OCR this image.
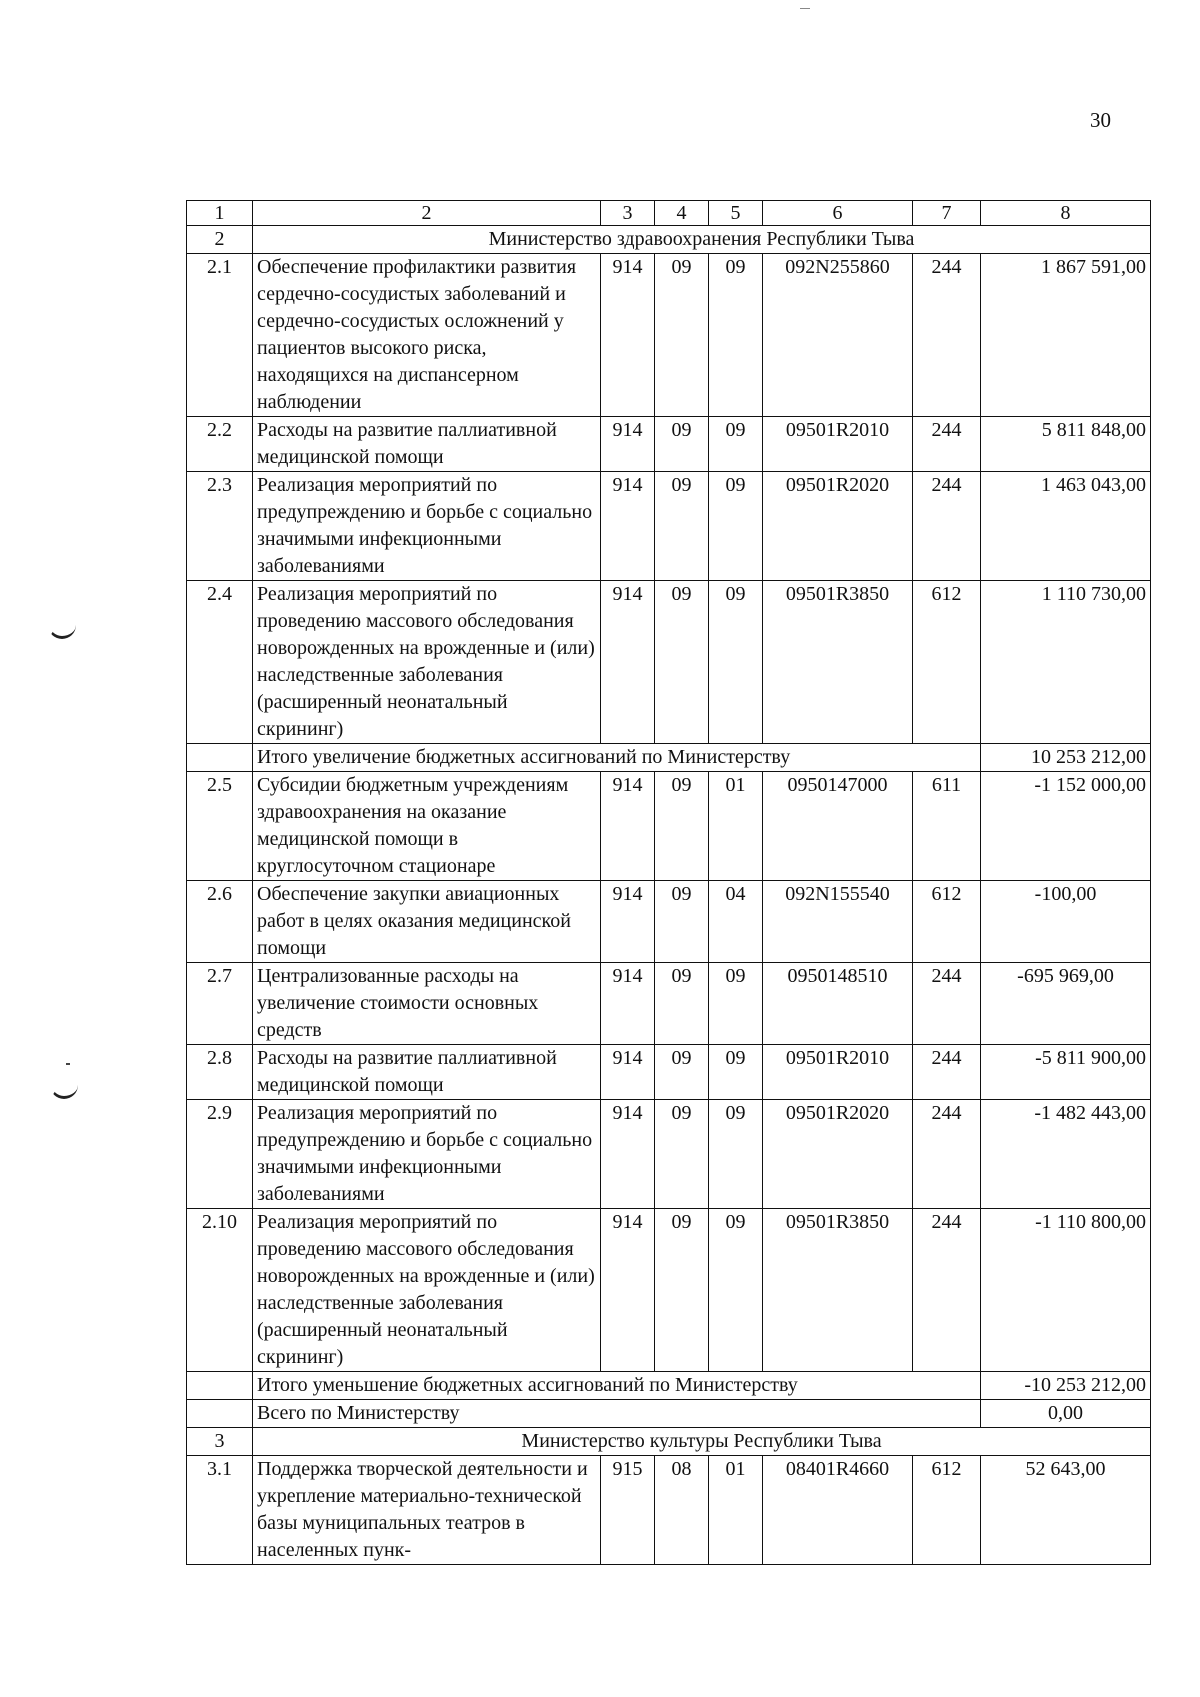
30
1	2	3	4	5	6	7	8
2	Министерство здравоохранения Республики Тыва						
2.1	Обеспечение профилактики развития сердечно-сосудистых заболеваний и сердечно-сосудистых осложнений у пациентов высокого риска, находящихся на диспансерном наблюдении	914	09	09	092N255860	244	1 867 591,00
2.2	Расходы на развитие паллиативной медицинской помощи	914	09	09	09501R2010	244	5 811 848,00
2.3	Реализация мероприятий по предупреждению и борьбе с социально значимыми инфекционными заболеваниями	914	09	09	09501R2020	244	1 463 043,00
2.4	Реализация мероприятий по проведению массового обследования новорожденных на врожденные и (или) наследственные заболевания (расширенный неонатальный скрининг)	914	09	09	09501R3850	612	1 110 730,00
	Итого увеличение бюджетных ассигнований по Министерству						10 253 212,00
2.5	Субсидии бюджетным учреждениям здравоохранения на оказание медицинской помощи в круглосуточном стационаре	914	09	01	0950147000	611	-1 152 000,00
2.6	Обеспечение закупки авиационных работ в целях оказания медицинской помощи	914	09	04	092N155540	612	-100,00
2.7	Централизованные расходы на увеличение стоимости основных средств	914	09	09	0950148510	244	-695 969,00
2.8	Расходы на развитие паллиативной медицинской помощи	914	09	09	09501R2010	244	-5 811 900,00
2.9	Реализация мероприятий по предупреждению и борьбе с социально значимыми инфекционными заболеваниями	914	09	09	09501R2020	244	-1 482 443,00
2.10	Реализация мероприятий по проведению массового обследования новорожденных на врожденные и (или) наследственные заболевания (расширенный неонатальный скрининг)	914	09	09	09501R3850	244	-1 110 800,00
	Итого уменьшение бюджетных ассигнований по Министерству						-10 253 212,00
	Всего по Министерству						0,00
3	Министерство культуры Республики Тыва						
3.1	Поддержка творческой деятельности и укрепление материально-технической базы муниципальных театров в населенных пунк-	915	08	01	08401R4660	612	52 643,00
